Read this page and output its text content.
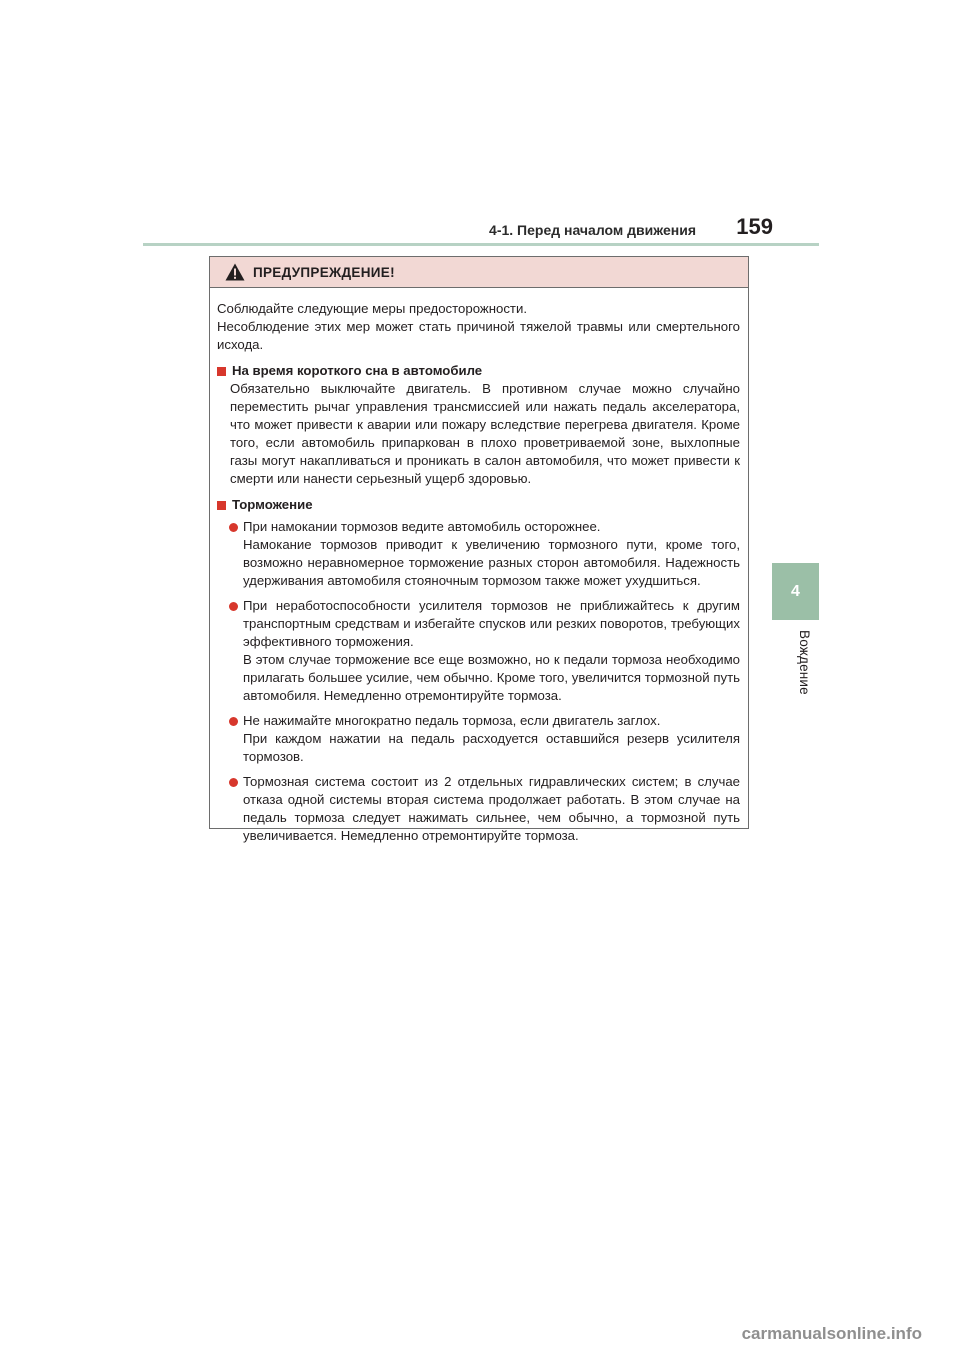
4-1. Перед началом движения 159
4
Вождение
ПРЕДУПРЕЖДЕНИЕ!

Соблюдайте следующие меры предосторожности.

Несоблюдение этих мер может стать причиной тяжелой травмы или смертельного исхода.

На время короткого сна в автомобиле

Обязательно выключайте двигатель. В противном случае можно случайно переместить рычаг управления трансмиссией или нажать педаль акселератора, что может привести к аварии или пожару вследствие перегрева двигателя. Кроме того, если автомобиль припаркован в плохо проветриваемой зоне, выхлопные газы могут накапливаться и проникать в салон автомобиля, что может привести к смерти или нанести серьезный ущерб здоровью.

Торможение

При намокании тормозов ведите автомобиль осторожнее.

Намокание тормозов приводит к увеличению тормозного пути, кроме того, возможно неравномерное торможение разных сторон автомобиля. Надежность удерживания автомобиля стояночным тормозом также может ухудшиться.

При неработоспособности усилителя тормозов не приближайтесь к другим транспортным средствам и избегайте спусков или резких поворотов, требующих эффективного торможения.

В этом случае торможение все еще возможно, но к педали тормоза необходимо прилагать большее усилие, чем обычно. Кроме того, увеличится тормозной путь автомобиля. Немедленно отремонтируйте тормоза.

Не нажимайте многократно педаль тормоза, если двигатель заглох.

При каждом нажатии на педаль расходуется оставшийся резерв усилителя тормозов.

Тормозная система состоит из 2 отдельных гидравлических систем; в случае отказа одной системы вторая система продолжает работать. В этом случае на педаль тормоза следует нажимать сильнее, чем обычно, а тормозной путь увеличивается. Немедленно отремонтируйте тормоза.

carmanualsonline.info
